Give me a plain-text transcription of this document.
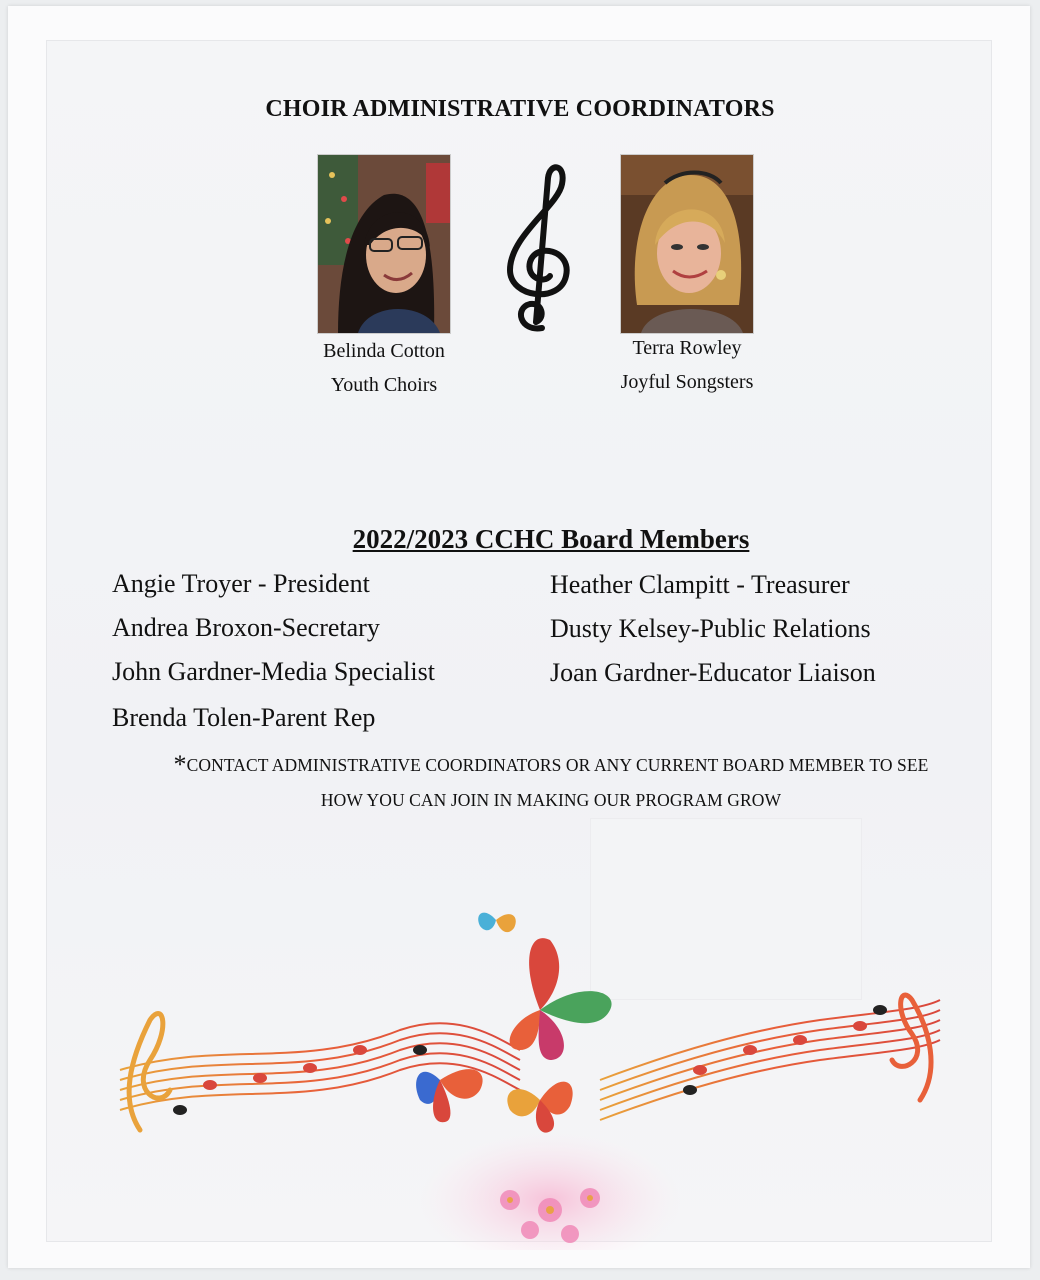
CHOIR ADMINISTRATIVE COORDINATORS
Belinda Cotton
Youth Choirs
Terra Rowley
Joyful Songsters
2022/2023 CCHC Board Members
Angie Troyer - President
Andrea Broxon-Secretary
John Gardner-Media Specialist
Brenda Tolen-Parent Rep
Heather Clampitt - Treasurer
Dusty Kelsey-Public Relations
Joan Gardner-Educator Liaison
*CONTACT ADMINISTRATIVE COORDINATORS OR ANY CURRENT BOARD MEMBER TO SEE
HOW YOU CAN JOIN IN MAKING OUR PROGRAM GROW
